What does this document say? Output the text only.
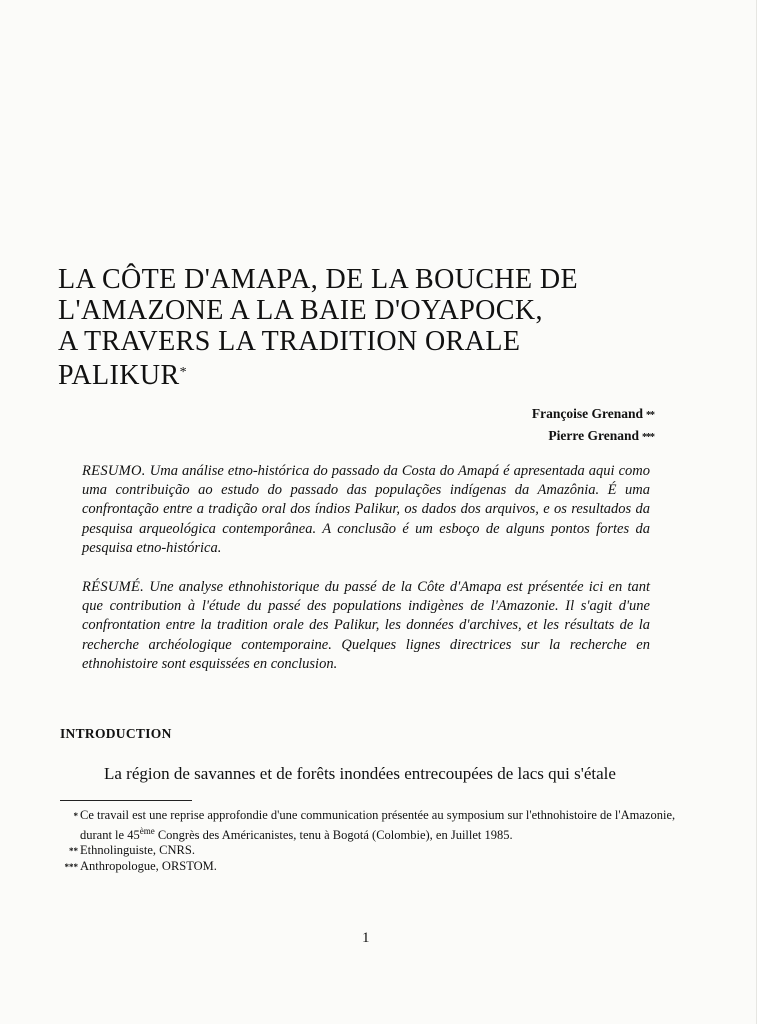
LA CÔTE D'AMAPA, DE LA BOUCHE DE
L'AMAZONE A LA BAIE D'OYAPOCK,
A TRAVERS LA TRADITION ORALE
PALIKUR*
Françoise Grenand **
Pierre Grenand ***

RESUMO. Uma análise etno-histórica do passado da Costa do Amapá é apresentada aqui como uma contribuição ao estudo do passado das populações indígenas da Amazônia. É uma confrontação entre a tradição oral dos índios Palikur, os dados dos arquivos, e os resultados da pesquisa arqueológica contemporânea. A conclusão é um esboço de alguns pontos fortes da pesquisa etno-histórica.

RÉSUMÉ. Une analyse ethnohistorique du passé de la Côte d'Amapa est présentée ici en tant que contribution à l'étude du passé des populations indigènes de l'Amazonie. Il s'agit d'une confrontation entre la tradition orale des Palikur, les données d'archives, et les résultats de la recherche archéologique contemporaine. Quelques lignes directrices sur la recherche en ethnohistoire sont esquissées en conclusion.

INTRODUCTION

La région de savannes et de forêts inondées entrecoupées de lacs qui s'étale

* Ce travail est une reprise approfondie d'une communication présentée au symposium sur l'ethnohistoire de l'Amazonie, durant le 45ème Congrès des Américanistes, tenu à Bogotá (Colombie), en Juillet 1985.
** Ethnolinguiste, CNRS.
*** Anthropologue, ORSTOM.
1
